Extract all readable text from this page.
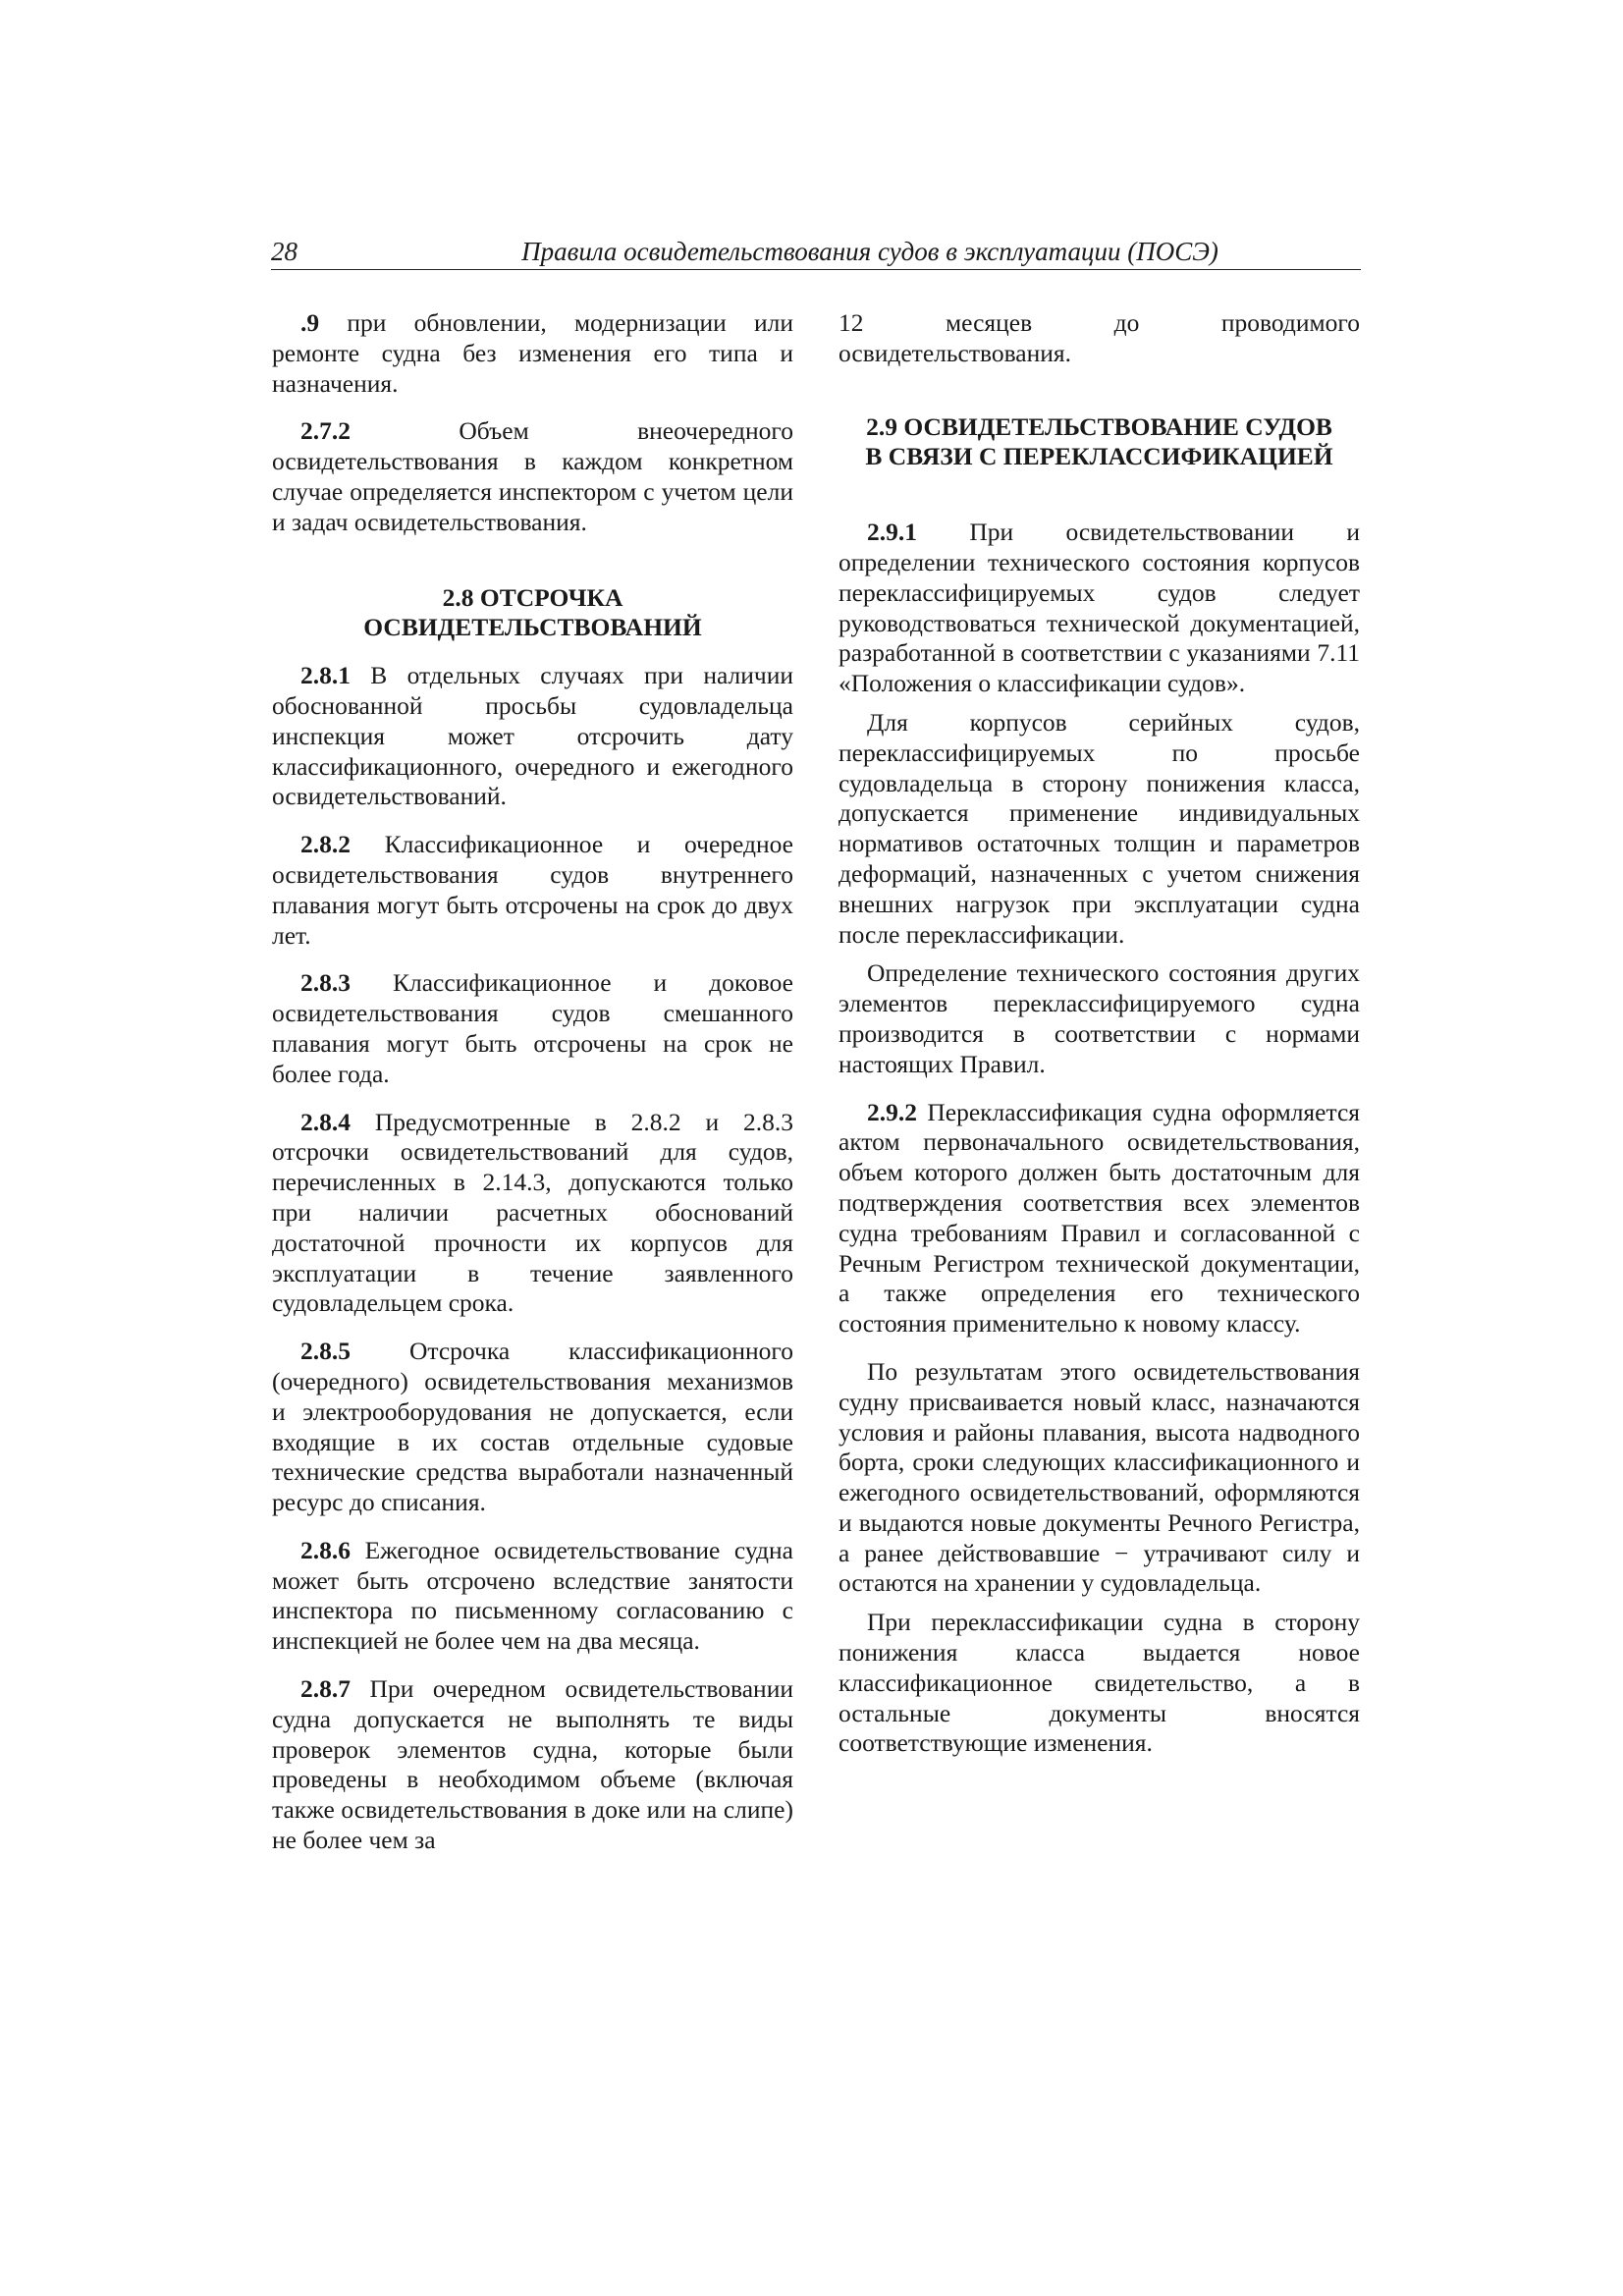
28	Правила освидетельствования судов в эксплуатации (ПОСЭ)

.9 при обновлении, модернизации или ремонте судна без изменения его типа и назначения.

2.7.2 Объем внеочередного освидетельствования в каждом конкретном случае определяется инспектором с учетом цели и задач освидетельствования.

2.8 ОТСРОЧКА
ОСВИДЕТЕЛЬСТВОВАНИЙ

2.8.1 В отдельных случаях при наличии обоснованной просьбы судовладельца инспекция может отсрочить дату классификационного, очередного и ежегодного освидетельствований.

2.8.2 Классификационное и очередное освидетельствования судов внутреннего плавания могут быть отсрочены на срок до двух лет.

2.8.3 Классификационное и доковое освидетельствования судов смешанного плавания могут быть отсрочены на срок не более года.

2.8.4 Предусмотренные в 2.8.2 и 2.8.3 отсрочки освидетельствований для судов, перечисленных в 2.14.3, допускаются только при наличии расчетных обоснований достаточной прочности их корпусов для эксплуатации в течение заявленного судовладельцем срока.

2.8.5 Отсрочка классификационного (очередного) освидетельствования механизмов и электрооборудования не допускается, если входящие в их состав отдельные судовые технические средства выработали назначенный ресурс до списания.

2.8.6 Ежегодное освидетельствование судна может быть отсрочено вследствие занятости инспектора по письменному согласованию с инспекцией не более чем на два месяца.

2.8.7 При очередном освидетельствовании судна допускается не выполнять те виды проверок элементов судна, которые были проведены в необходимом объеме (включая также освидетельствования в доке или на слипе) не более чем за

12 месяцев до проводимого освидетельствования.

2.9 ОСВИДЕТЕЛЬСТВОВАНИЕ СУДОВ
В СВЯЗИ С ПЕРЕКЛАССИФИКАЦИЕЙ

2.9.1 При освидетельствовании и определении технического состояния корпусов переклассифицируемых судов следует руководствоваться технической документацией, разработанной в соответствии с указаниями 7.11 «Положения о классификации судов».

Для корпусов серийных судов, переклассифицируемых по просьбе судовладельца в сторону понижения класса, допускается применение индивидуальных нормативов остаточных толщин и параметров деформаций, назначенных с учетом снижения внешних нагрузок при эксплуатации судна после переклассификации.

Определение технического состояния других элементов переклассифицируемого судна производится в соответствии с нормами настоящих Правил.

2.9.2 Переклассификация судна оформляется актом первоначального освидетельствования, объем которого должен быть достаточным для подтверждения соответствия всех элементов судна требованиям Правил и согласованной с Речным Регистром технической документации, а также определения его технического состояния применительно к новому классу.

По результатам этого освидетельствования судну присваивается новый класс, назначаются условия и районы плавания, высота надводного борта, сроки следующих классификационного и ежегодного освидетельствований, оформляются и выдаются новые документы Речного Регистра, а ранее действовавшие − утрачивают силу и остаются на хранении у судовладельца.

При переклассификации судна в сторону понижения класса выдается новое классификационное свидетельство, а в остальные документы вносятся соответствующие изменения.
